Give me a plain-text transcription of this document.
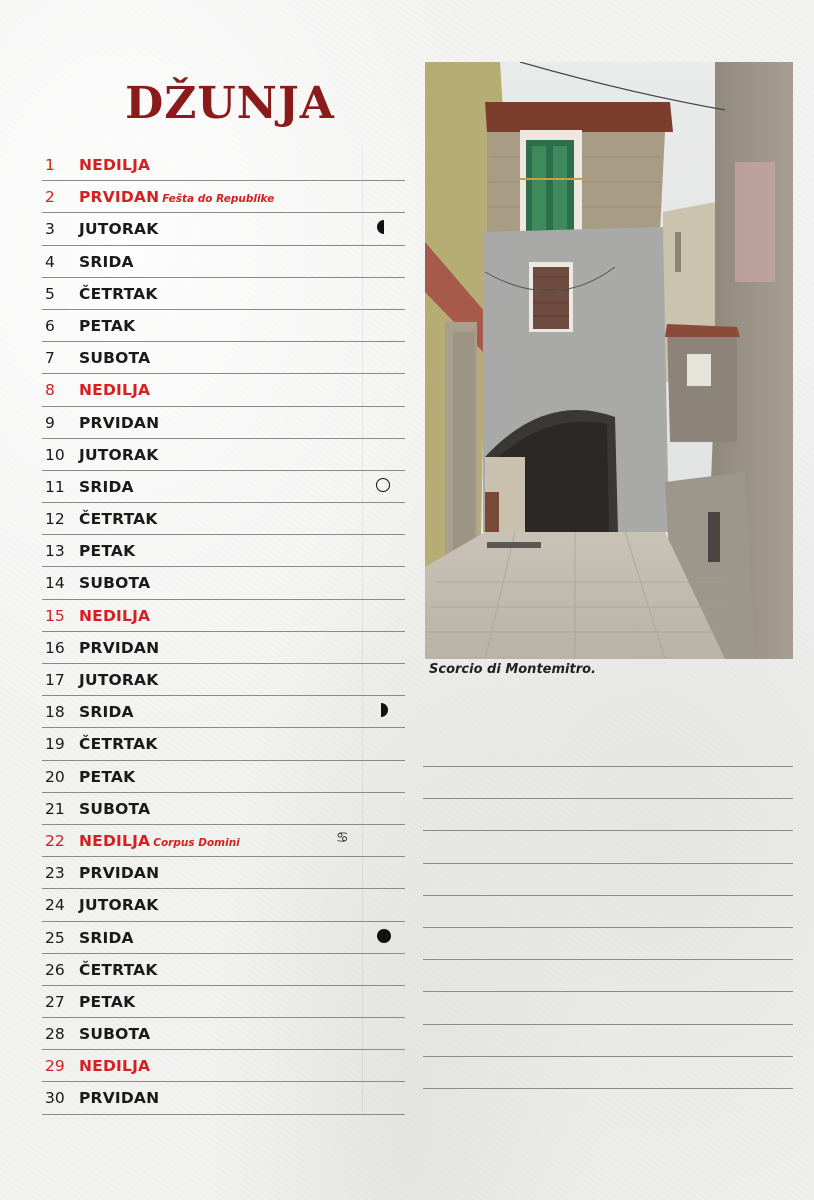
DŽUNJA
1 NEDILJA
2 PRVIDAN Fešta do Republike
3 JUTORAK
4 SRIDA
5 ČETRTAK
6 PETAK
7 SUBOTA
8 NEDILJA
9 PRVIDAN
10 JUTORAK
11 SRIDA
12 ČETRTAK
13 PETAK
14 SUBOTA
15 NEDILJA
16 PRVIDAN
17 JUTORAK
18 SRIDA
19 ČETRTAK
20 PETAK
21 SUBOTA
22 NEDILJA Corpus Domini	♋
23 PRVIDAN
24 JUTORAK
25 SRIDA
26 ČETRTAK
27 PETAK
28 SUBOTA
29 NEDILJA
30 PRVIDAN

Scorcio di Montemitro.
